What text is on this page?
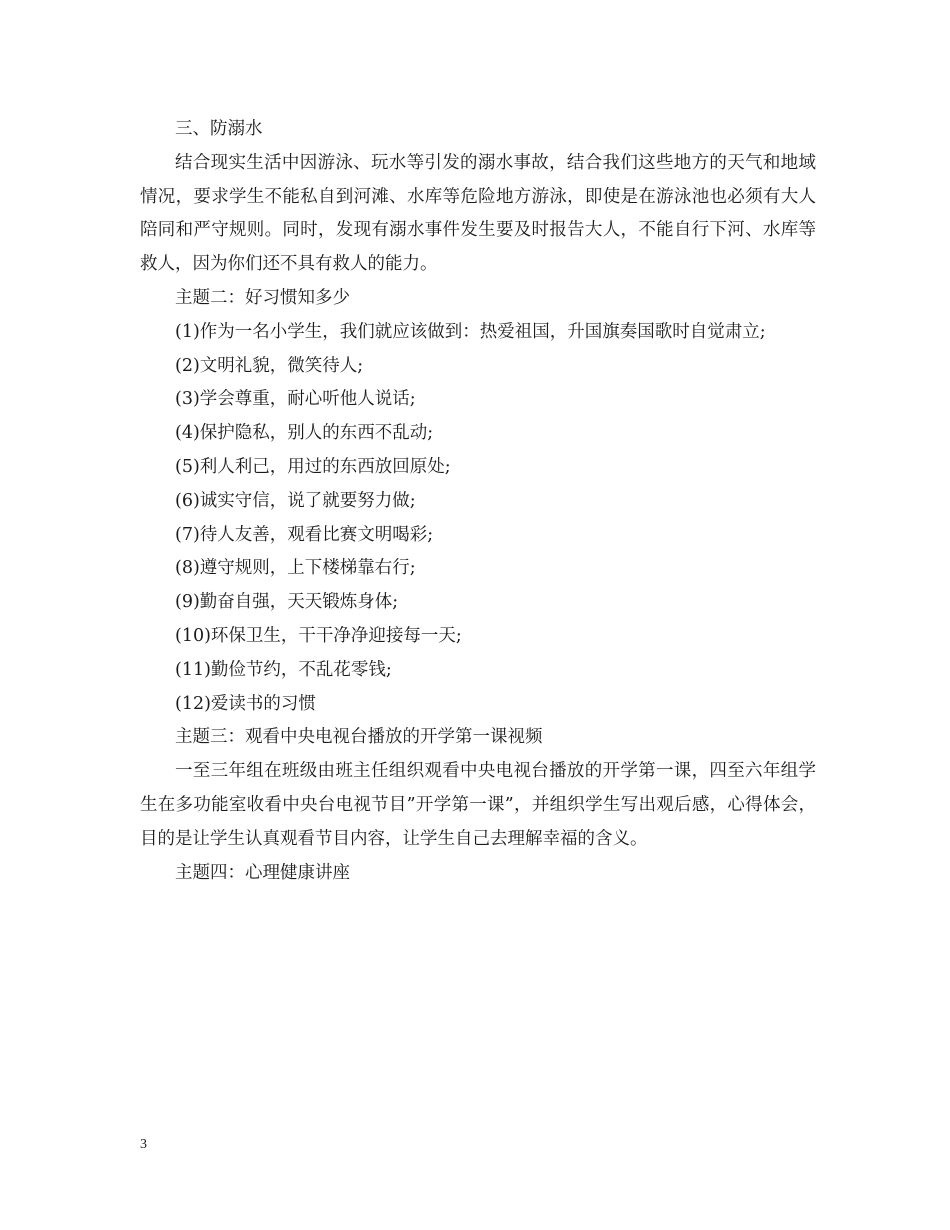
三、防溺水

结合现实生活中因游泳、玩水等引发的溺水事故，结合我们这些地方的天气和地域情况，要求学生不能私自到河滩、水库等危险地方游泳，即使是在游泳池也必须有大人陪同和严守规则。同时，发现有溺水事件发生要及时报告大人，不能自行下河、水库等救人，因为你们还不具有救人的能力。

主题二：好习惯知多少

(1)作为一名小学生，我们就应该做到：热爱祖国，升国旗奏国歌时自觉肃立;

(2)文明礼貌，微笑待人;

(3)学会尊重，耐心听他人说话;

(4)保护隐私，别人的东西不乱动;

(5)利人利己，用过的东西放回原处;

(6)诚实守信，说了就要努力做;

(7)待人友善，观看比赛文明喝彩;

(8)遵守规则，上下楼梯靠右行;

(9)勤奋自强，天天锻炼身体;

(10)环保卫生，干干净净迎接每一天;

(11)勤俭节约，不乱花零钱;

(12)爱读书的习惯

主题三：观看中央电视台播放的开学第一课视频

一至三年组在班级由班主任组织观看中央电视台播放的开学第一课，四至六年组学生在多功能室收看中央台电视节目”开学第一课”，并组织学生写出观后感，心得体会，目的是让学生认真观看节目内容，让学生自己去理解幸福的含义。

主题四：心理健康讲座

3
